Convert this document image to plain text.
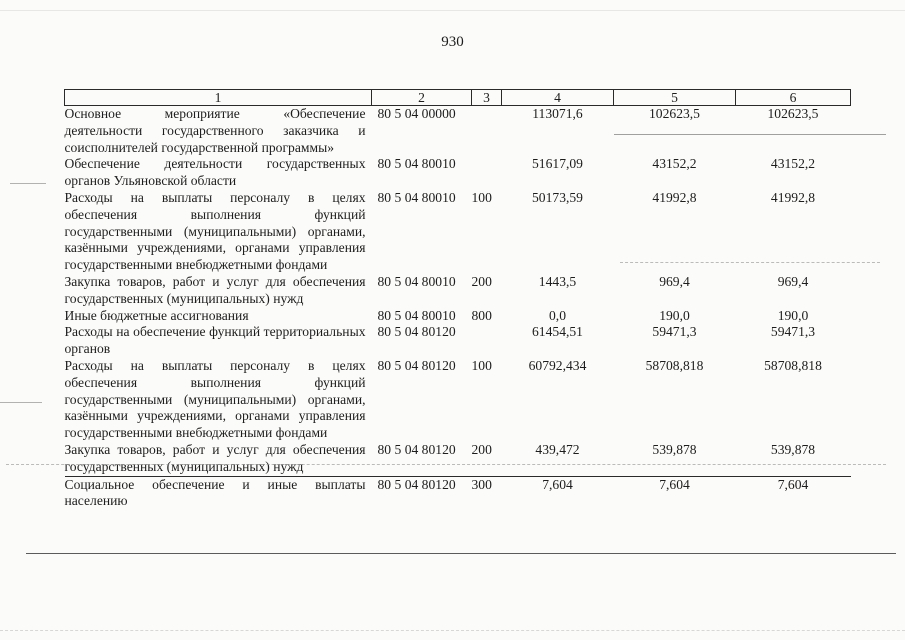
930
1	2	3	4	5	6
Основное мероприятие «Обеспечение деятельности государственного заказчика и соисполнителей государственной программы»	80 5 04 00000		113071,6	102623,5	102623,5
Обеспечение деятельности государственных органов Ульяновской области	80 5 04 80010		51617,09	43152,2	43152,2
Расходы на выплаты персоналу в целях обеспечения выполнения функций государственными (муниципальными) органами, казёнными учреждениями, органами управления государственными внебюджетными фондами	80 5 04 80010	100	50173,59	41992,8	41992,8
Закупка товаров, работ и услуг для обеспечения государственных (муниципальных) нужд	80 5 04 80010	200	1443,5	969,4	969,4
Иные бюджетные ассигнования	80 5 04 80010	800	0,0	190,0	190,0
Расходы на обеспечение функций территориальных органов	80 5 04 80120		61454,51	59471,3	59471,3
Расходы на выплаты персоналу в целях обеспечения выполнения функций государственными (муниципальными) органами, казёнными учреждениями, органами управления государственными внебюджетными фондами	80 5 04 80120	100	60792,434	58708,818	58708,818
Закупка товаров, работ и услуг для обеспечения государственных (муниципальных) нужд	80 5 04 80120	200	439,472	539,878	539,878
Социальное обеспечение и иные выплаты населению	80 5 04 80120	300	7,604	7,604	7,604
